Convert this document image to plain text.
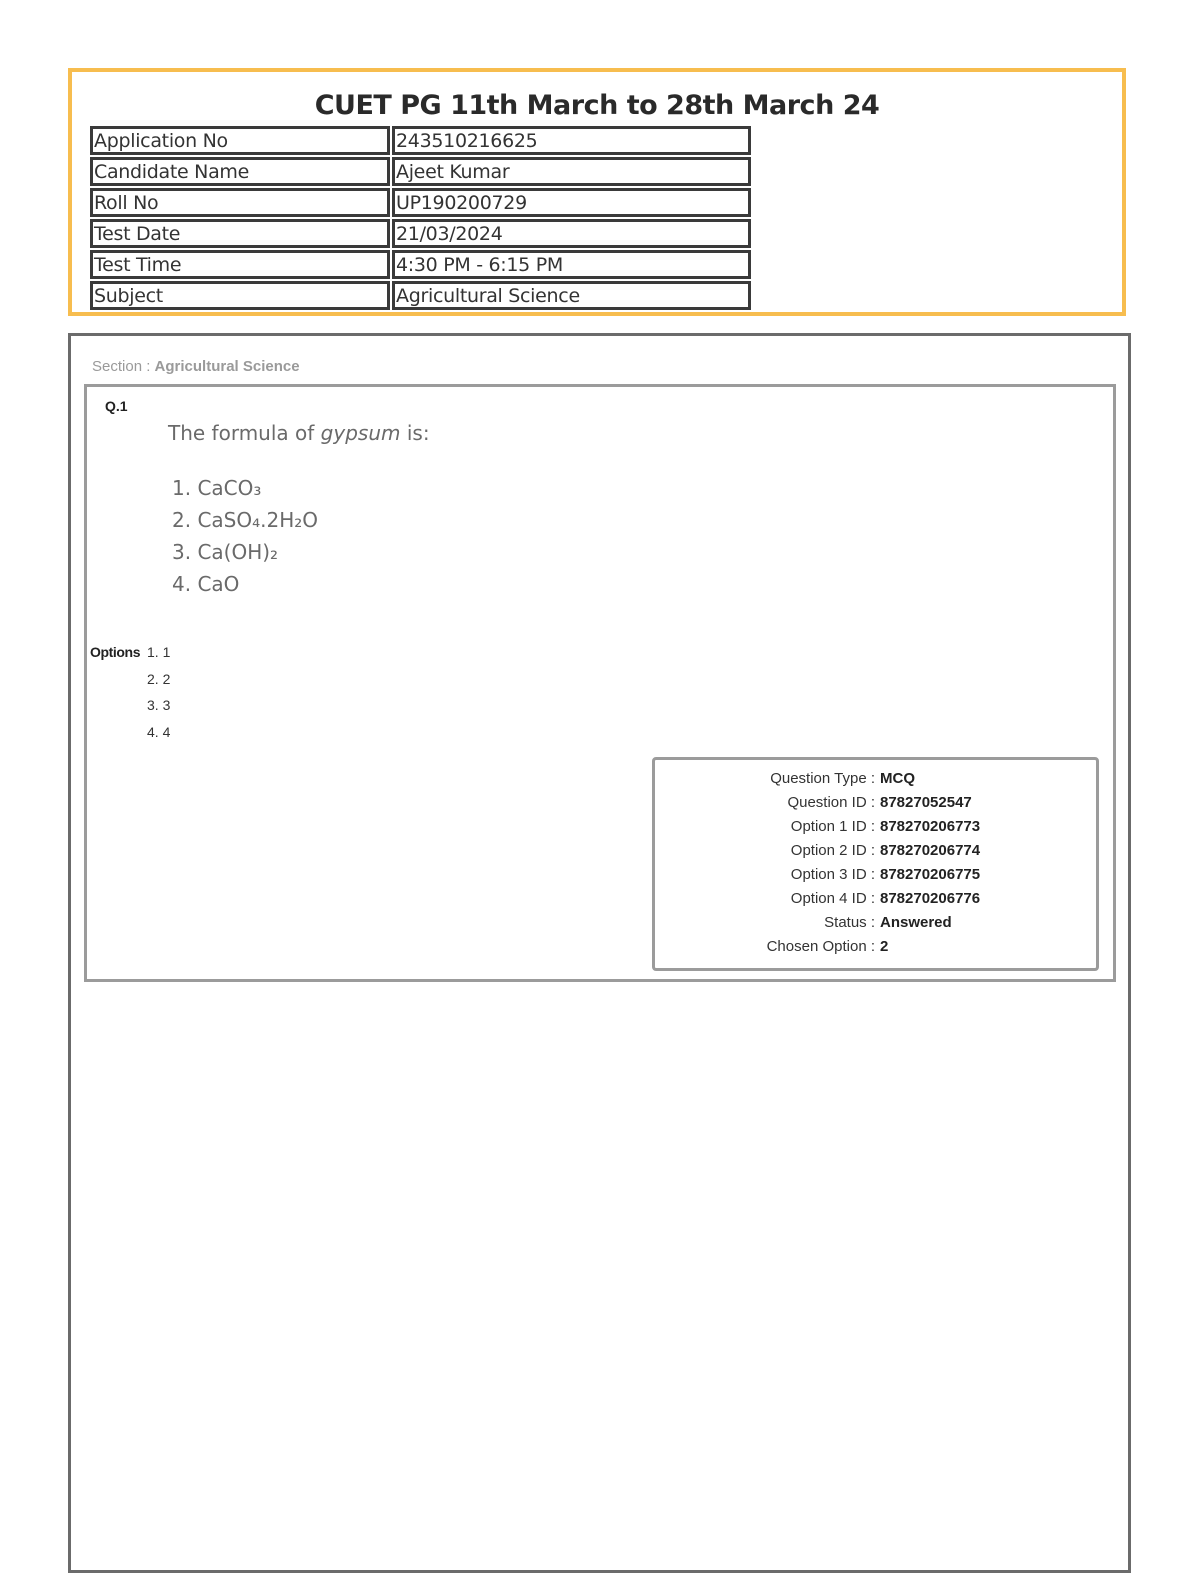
CUET PG 11th March to 28th March 24
Application No	243510216625
Candidate Name	Ajeet Kumar
Roll No	UP190200729
Test Date	21/03/2024
Test Time	4:30 PM - 6:15 PM
Subject	Agricultural Science
Section : Agricultural Science
Q.1
The formula of gypsum is:
1. CaCO₃
2. CaSO₄.2H₂O
3. Ca(OH)₂
4. CaO
Options 1. 1
2. 2
3. 3
4. 4
Question Type : MCQ
Question ID : 87827052547
Option 1 ID : 878270206773
Option 2 ID : 878270206774
Option 3 ID : 878270206775
Option 4 ID : 878270206776
Status : Answered
Chosen Option : 2
